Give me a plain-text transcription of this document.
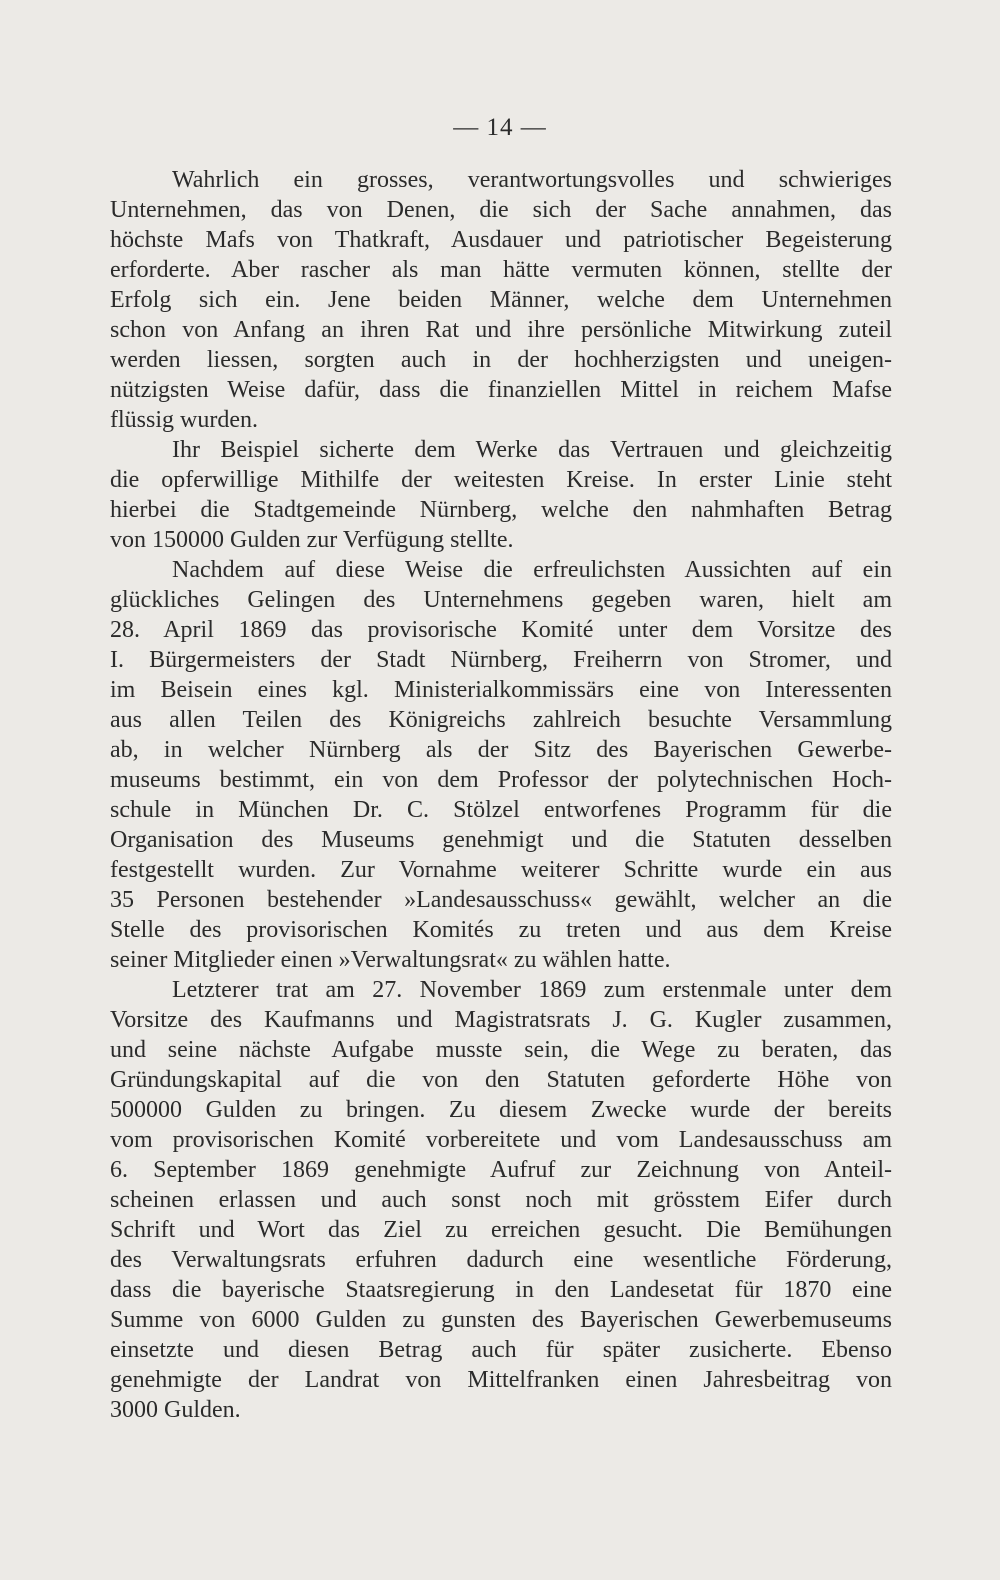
— 14 —
Wahrlich ein grosses, verantwortungsvolles und schwieriges
Unternehmen, das von Denen, die sich der Sache annahmen, das
höchste Mafs von Thatkraft, Ausdauer und patriotischer Begeisterung
erforderte. Aber rascher als man hätte vermuten können, stellte der
Erfolg sich ein. Jene beiden Männer, welche dem Unternehmen
schon von Anfang an ihren Rat und ihre persönliche Mitwirkung zuteil
werden liessen, sorgten auch in der hochherzigsten und uneigen-
nützigsten Weise dafür, dass die finanziellen Mittel in reichem Mafse
flüssig wurden.
Ihr Beispiel sicherte dem Werke das Vertrauen und gleichzeitig
die opferwillige Mithilfe der weitesten Kreise. In erster Linie steht
hierbei die Stadtgemeinde Nürnberg, welche den nahmhaften Betrag
von 150000 Gulden zur Verfügung stellte.
Nachdem auf diese Weise die erfreulichsten Aussichten auf ein
glückliches Gelingen des Unternehmens gegeben waren, hielt am
28. April 1869 das provisorische Komité unter dem Vorsitze des
I. Bürgermeisters der Stadt Nürnberg, Freiherrn von Stromer, und
im Beisein eines kgl. Ministerialkommissärs eine von Interessenten
aus allen Teilen des Königreichs zahlreich besuchte Versammlung
ab, in welcher Nürnberg als der Sitz des Bayerischen Gewerbe-
museums bestimmt, ein von dem Professor der polytechnischen Hoch-
schule in München Dr. C. Stölzel entworfenes Programm für die
Organisation des Museums genehmigt und die Statuten desselben
festgestellt wurden. Zur Vornahme weiterer Schritte wurde ein aus
35 Personen bestehender »Landesausschuss« gewählt, welcher an die
Stelle des provisorischen Komités zu treten und aus dem Kreise
seiner Mitglieder einen »Verwaltungsrat« zu wählen hatte.
Letzterer trat am 27. November 1869 zum erstenmale unter dem
Vorsitze des Kaufmanns und Magistratsrats J. G. Kugler zusammen,
und seine nächste Aufgabe musste sein, die Wege zu beraten, das
Gründungskapital auf die von den Statuten geforderte Höhe von
500000 Gulden zu bringen. Zu diesem Zwecke wurde der bereits
vom provisorischen Komité vorbereitete und vom Landesausschuss am
6. September 1869 genehmigte Aufruf zur Zeichnung von Anteil-
scheinen erlassen und auch sonst noch mit grösstem Eifer durch
Schrift und Wort das Ziel zu erreichen gesucht. Die Bemühungen
des Verwaltungsrats erfuhren dadurch eine wesentliche Förderung,
dass die bayerische Staatsregierung in den Landesetat für 1870 eine
Summe von 6000 Gulden zu gunsten des Bayerischen Gewerbemuseums
einsetzte und diesen Betrag auch für später zusicherte. Ebenso
genehmigte der Landrat von Mittelfranken einen Jahresbeitrag von
3000 Gulden.
